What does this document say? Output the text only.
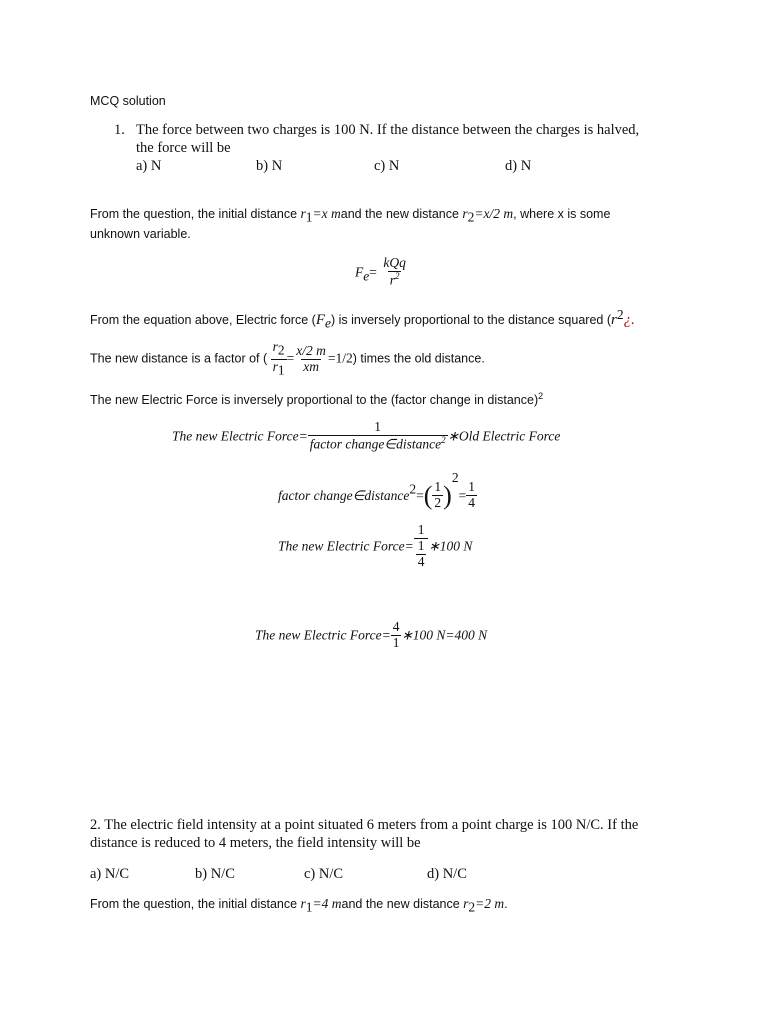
MCQ solution
1. The force between two charges is 100 N. If the distance between the charges is halved,
the force will be
a) N	b) N	c) N	d) N
From the question, the initial distance $r_1=x$ mand the new distance $r_2=x/2$ m, where x is some
unknown variable.
$F_e= \frac{\text{kQq}}{r^2}$
From the equation above, Electric force $(F_e)$ is inversely proportional to the distance squared ($r^2¿$.
The new distance is a factor of ( $\frac{r_2}{r_1} = \frac{x/2 m}{xm} =1/2$) times the old distance.
The new Electric Force is inversely proportional to the (factor change in distance)$^2$
The new Electric Force= $\frac{1}{factor change\in distance^2}$ ∗Old Electric Force
factor change∈distance$^2$=( $\frac{1}{2} )^2= \frac{1}{4}$
The new Electric Force= $\frac{1}{\frac{1}{4}}$ ∗100 N
The new Electric Force= $\frac{4}{1}$ ∗100 N=400 N
2. The electric field intensity at a point situated 6 meters from a point charge is 100 N/C. If the
distance is reduced to 4 meters, the field intensity will be
a) N/C	b) N/C	c) N/C	d) N/C
From the question, the initial distance $r_1=4$ mand the new distance $r_2=2$ m.
